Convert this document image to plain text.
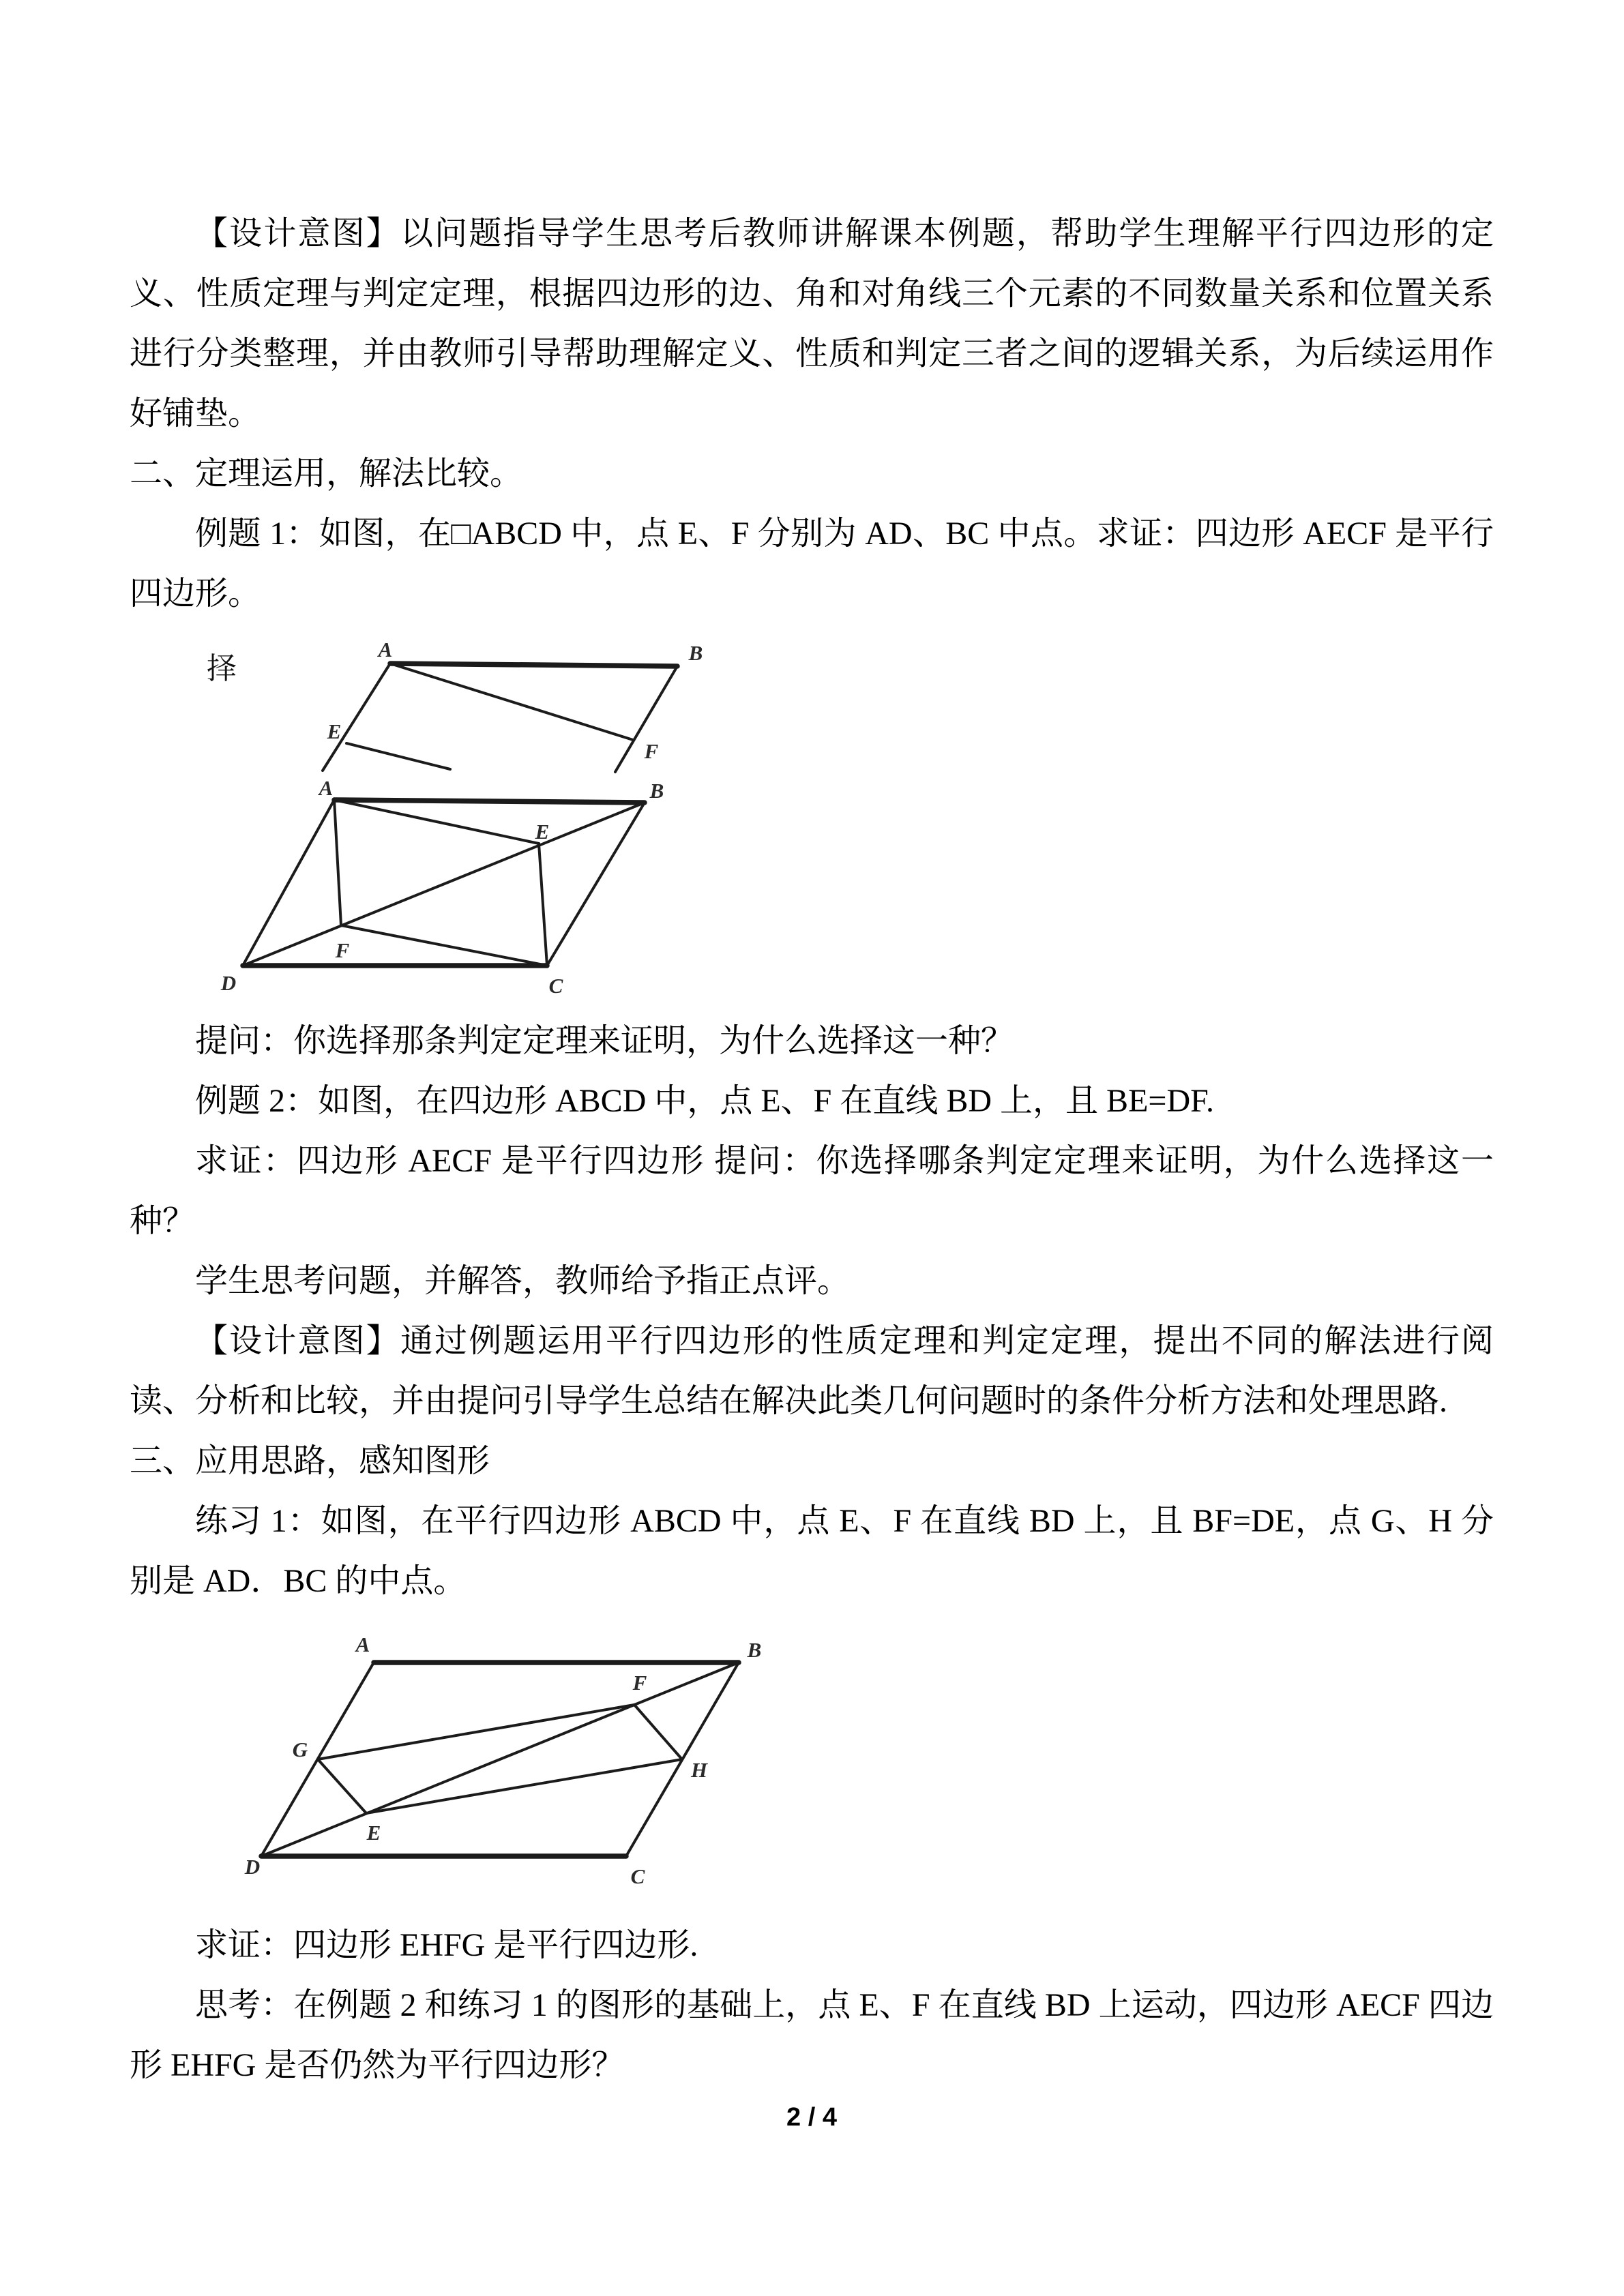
【设计意图】以问题指导学生思考后教师讲解课本例题，帮助学生理解平行四边形的定义、性质定理与判定定理，根据四边形的边、角和对角线三个元素的不同数量关系和位置关系进行分类整理，并由教师引导帮助理解定义、性质和判定三者之间的逻辑关系，为后续运用作好铺垫。

二、定理运用，解法比较。

例题 1：如图，在□ABCD 中，点 E、F 分别为 AD、BC 中点。求证：四边形 AECF 是平行四边形。

择
A	B
E
F
A	B
E
F
D	C

提问：你选择那条判定定理来证明，为什么选择这一种？

例题 2：如图，在四边形 ABCD 中，点 E、F 在直线 BD 上，且 BE=DF.

求证：四边形 AECF 是平行四边形 提问：你选择哪条判定定理来证明，为什么选择这一种？

学生思考问题，并解答，教师给予指正点评。

【设计意图】通过例题运用平行四边形的性质定理和判定定理，提出不同的解法进行阅读、分析和比较，并由提问引导学生总结在解决此类几何问题时的条件分析方法和处理思路.

三、应用思路，感知图形

练习 1：如图，在平行四边形 ABCD 中，点 E、F 在直线 BD 上，且 BF=DE，点 G、H 分别是 AD．BC 的中点。

A	B
F
G
H
E
D	C

求证：四边形 EHFG 是平行四边形.

思考：在例题 2 和练习 1 的图形的基础上，点 E、F 在直线 BD 上运动，四边形 AECF 四边形 EHFG 是否仍然为平行四边形？

2 / 4
